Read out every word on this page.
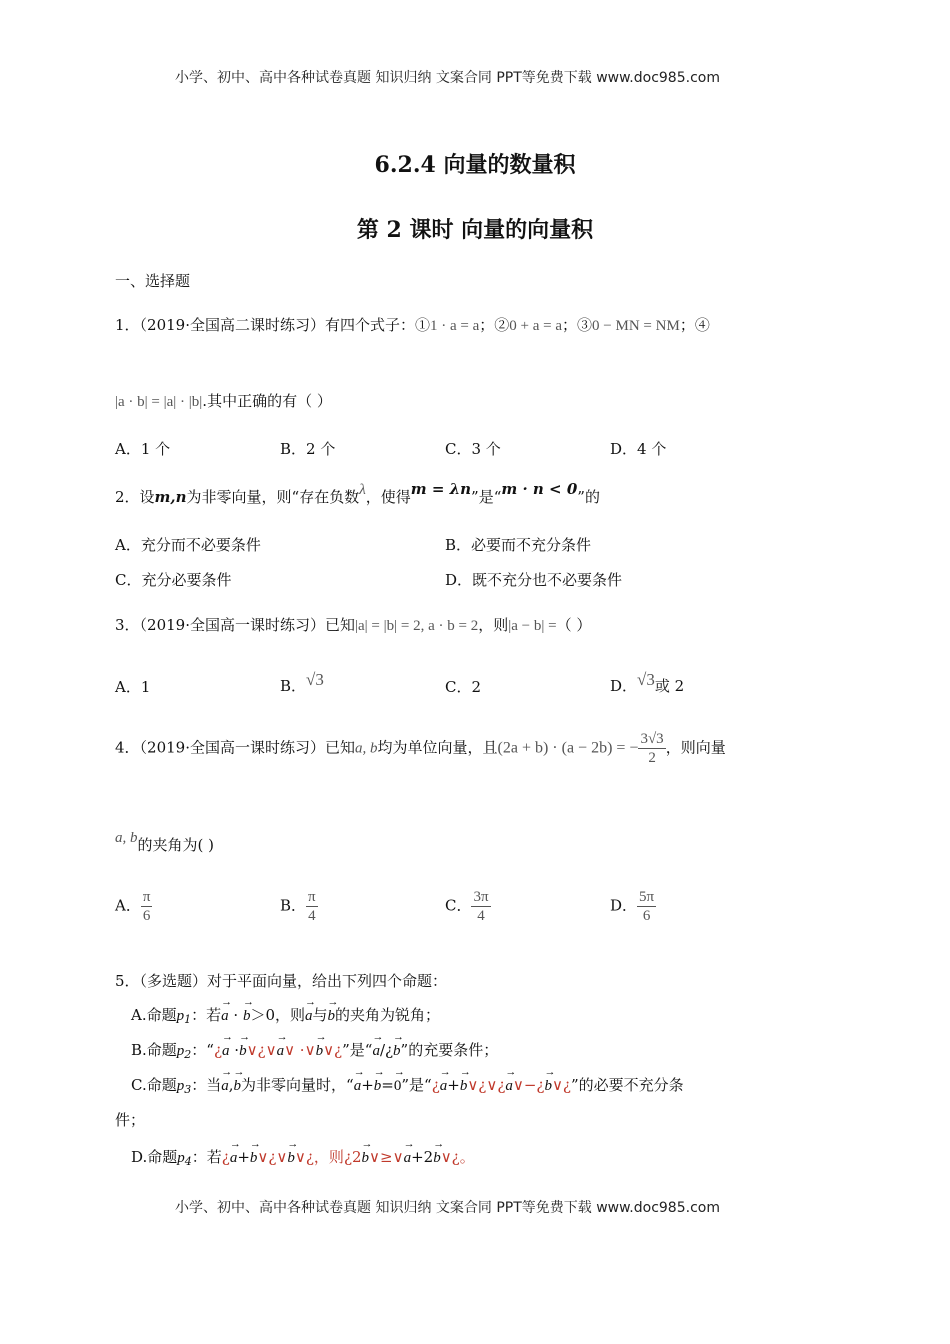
小学、初中、高中各种试卷真题 知识归纳 文案合同 PPT等免费下载 www.doc985.com
6.2.4 向量的数量积
第 2 课时 向量的向量积
一、选择题
1．（2019·全国高二课时练习）有四个式子：①1 · a = a；②0 + a = a；③0 − MN = NM；④
|a · b| = |a| · |b|.其中正确的有（ ）
A．1 个	B．2 个	C．3 个	D．4 个
2．设m,n为非零向量，则“存在负数λ，使得m = λn”是“m · n < 0”的
A．充分而不必要条件	B．必要而不充分条件
C．充分必要条件	D．既不充分也不必要条件
3．（2019·全国高一课时练习）已知|a| = |b| = 2, a · b = 2，则|a − b| =（ ）
A．1	B．√3	C．2	D．√3或 2
4．（2019·全国高一课时练习）已知a, b均为单位向量，且(2a + b) · (a − 2b) = − $\frac{3√3}{2}$ ，则向量
a, b的夹角为( )
A． $\frac{\pi}{6}$	B． $\frac{\pi}{4}$	C． $\frac{3\pi}{4}$	D． $\frac{5\pi}{6}$
5．（多选题）对于平面向量，给出下列四个命题：
A.命题$p_1$：若→ a · → b＞0，则→ a与→ b的夹角为锐角；
B.命题$p_2$：“¿→ a ·→ b∨¿∨→ a∨ ·∨→ b∨¿”是“→ a/¿→ b”的充要条件；
C.命题$p_3$：当→ a,→ b为非零向量时，“→ a+→ b=→ 0”是“¿→ a+→ b∨¿∨¿→ a∨−¿→ b∨¿”的必要不充分条
件；
D.命题$p_4$：若¿→ a+→ b∨¿∨→ b∨¿，则¿2→ b∨≥∨→ a+2→ b∨¿。
小学、初中、高中各种试卷真题 知识归纳 文案合同 PPT等免费下载 www.doc985.com
